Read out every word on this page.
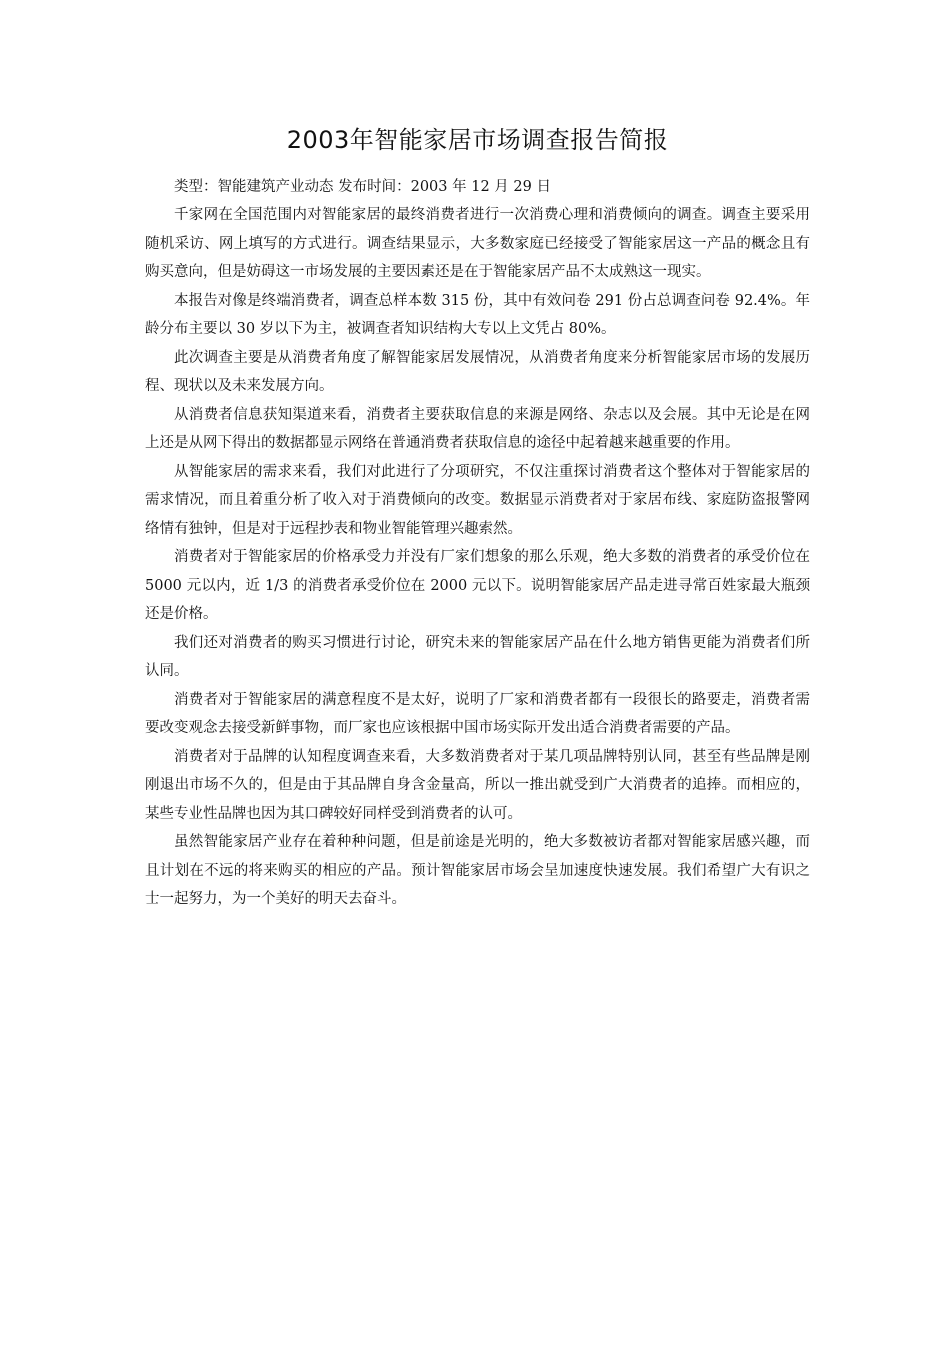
2003年智能家居市场调查报告简报

类型：智能建筑产业动态 发布时间：2003 年 12 月 29 日

千家网在全国范围内对智能家居的最终消费者进行一次消费心理和消费倾向的调查。调查主要采用随机采访、网上填写的方式进行。调查结果显示，大多数家庭已经接受了智能家居这一产品的概念且有购买意向，但是妨碍这一市场发展的主要因素还是在于智能家居产品不太成熟这一现实。

本报告对像是终端消费者，调查总样本数 315 份，其中有效问卷 291 份占总调查问卷 92.4%。年龄分布主要以 30 岁以下为主，被调查者知识结构大专以上文凭占 80%。

此次调查主要是从消费者角度了解智能家居发展情况，从消费者角度来分析智能家居市场的发展历程、现状以及未来发展方向。

从消费者信息获知渠道来看，消费者主要获取信息的来源是网络、杂志以及会展。其中无论是在网上还是从网下得出的数据都显示网络在普通消费者获取信息的途径中起着越来越重要的作用。

从智能家居的需求来看，我们对此进行了分项研究，不仅注重探讨消费者这个整体对于智能家居的需求情况，而且着重分析了收入对于消费倾向的改变。数据显示消费者对于家居布线、家庭防盗报警网络情有独钟，但是对于远程抄表和物业智能管理兴趣索然。

消费者对于智能家居的价格承受力并没有厂家们想象的那么乐观，绝大多数的消费者的承受价位在 5000 元以内，近 1/3 的消费者承受价位在 2000 元以下。说明智能家居产品走进寻常百姓家最大瓶颈还是价格。

我们还对消费者的购买习惯进行讨论，研究未来的智能家居产品在什么地方销售更能为消费者们所认同。

消费者对于智能家居的满意程度不是太好，说明了厂家和消费者都有一段很长的路要走，消费者需要改变观念去接受新鲜事物，而厂家也应该根据中国市场实际开发出适合消费者需要的产品。

消费者对于品牌的认知程度调查来看，大多数消费者对于某几项品牌特别认同，甚至有些品牌是刚刚退出市场不久的，但是由于其品牌自身含金量高，所以一推出就受到广大消费者的追捧。而相应的，某些专业性品牌也因为其口碑较好同样受到消费者的认可。

虽然智能家居产业存在着种种问题，但是前途是光明的，绝大多数被访者都对智能家居感兴趣，而且计划在不远的将来购买的相应的产品。预计智能家居市场会呈加速度快速发展。我们希望广大有识之士一起努力，为一个美好的明天去奋斗。
